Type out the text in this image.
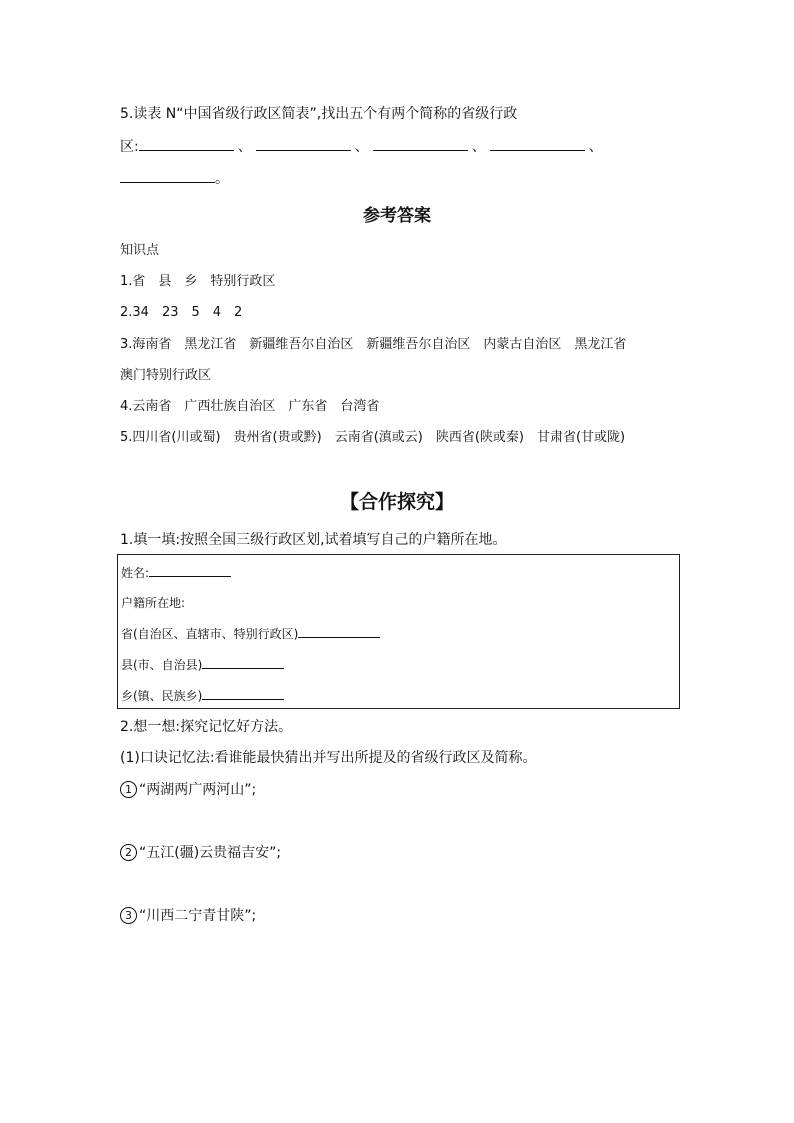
5.读表 N“中国省级行政区简表”,找出五个有两个简称的省级行政
区:	、	、	、	、
。
参考答案
知识点
1.省　县　乡　特别行政区
2.34　23　5　4　2
3.海南省　黑龙江省　新疆维吾尔自治区　新疆维吾尔自治区　内蒙古自治区　黑龙江省
澳门特别行政区
4.云南省　广西壮族自治区　广东省　台湾省
5.四川省(川或蜀)　贵州省(贵或黔)　云南省(滇或云)　陕西省(陕或秦)　甘肃省(甘或陇)
【合作探究】
1.填一填:按照全国三级行政区划,试着填写自己的户籍所在地。
姓名:
户籍所在地:
省(自治区、直辖市、特别行政区)
县(市、自治县)
乡(镇、民族乡)
2.想一想:探究记忆好方法。
(1)口诀记忆法:看谁能最快猜出并写出所提及的省级行政区及简称。
1 “两湖两广两河山”;
2 “五江(疆)云贵福吉安”;
3 “川西二宁青甘陕”;
